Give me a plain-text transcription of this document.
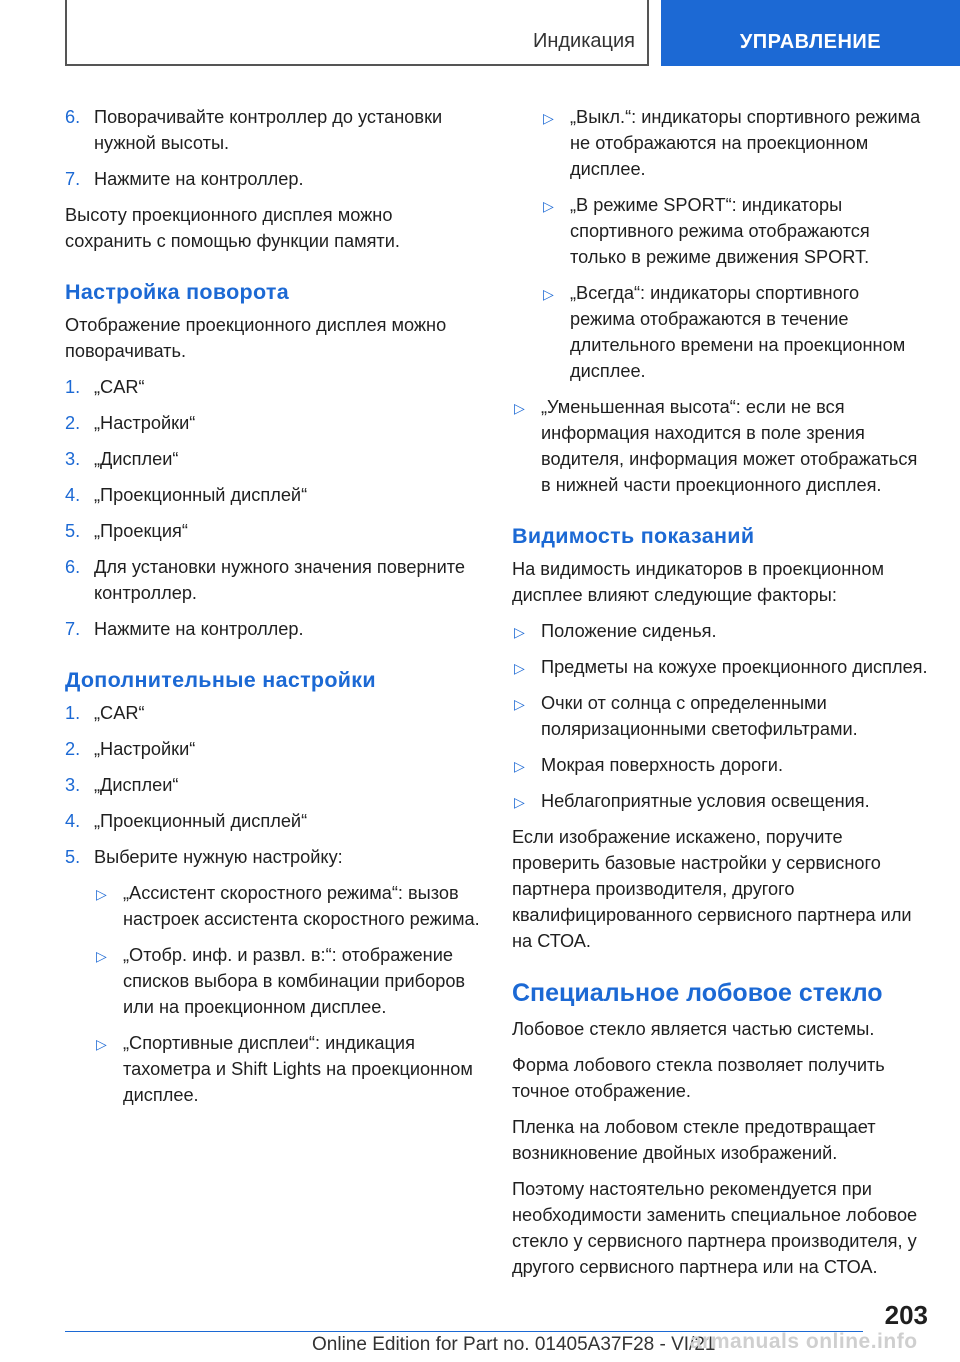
Индикация	УПРАВЛЕНИЕ
6. Поворачивайте контроллер до установки нужной высоты.
7. Нажмите на контроллер.

Высоту проекционного дисплея можно сохранить с помощью функции памяти.

Настройка поворота

Отображение проекционного дисплея можно поворачивать.

1. „CAR“
2. „Настройки“
3. „Дисплеи“
4. „Проекционный дисплей“
5. „Проекция“
6. Для установки нужного значения поверните контроллер.
7. Нажмите на контроллер.
Дополнительные настройки
1. „CAR“
2. „Настройки“
3. „Дисплеи“
4. „Проекционный дисплей“
5. Выберите нужную настройку:
▷ „Ассистент скоростного режима“: вызов настроек ассистента скоростного режима.
▷ „Отобр. инф. и развл. в:“: отображение списков выбора в комбинации приборов или на проекционном дисплее.
▷ „Спортивные дисплеи“: индикация тахометра и Shift Lights на проекционном дисплее.
▷ „Выкл.“: индикаторы спортивного режима не отображаются на проекционном дисплее.
▷ „В режиме SPORT“: индикаторы спортивного режима отображаются только в режиме движения SPORT.
▷ „Всегда“: индикаторы спортивного режима отображаются в течение длительного времени на проекционном дисплее.
▷ „Уменьшенная высота“: если не вся информация находится в поле зрения водителя, информация может отображаться в нижней части проекционного дисплея.
Видимость показаний

На видимость индикаторов в проекционном дисплее влияют следующие факторы:

▷ Положение сиденья.
▷ Предметы на кожухе проекционного дисплея.
▷ Очки от солнца с определенными поляризационными светофильтрами.
▷ Мокрая поверхность дороги.
▷ Неблагоприятные условия освещения.

Если изображение искажено, поручите проверить базовые настройки у сервисного партнера производителя, другого квалифицированного сервисного партнера или на СТОА.

Специальное лобовое стекло

Лобовое стекло является частью системы.

Форма лобового стекла позволяет получить точное отображение.

Пленка на лобовом стекле предотвращает возникновение двойных изображений.

Поэтому настоятельно рекомендуется при необходимости заменить специальное лобовое стекло у сервисного партнера производителя, у другого сервисного партнера или на СТОА.

203
Online Edition for Part no. 01405A37F28 - VI/21
armanuals online.info
